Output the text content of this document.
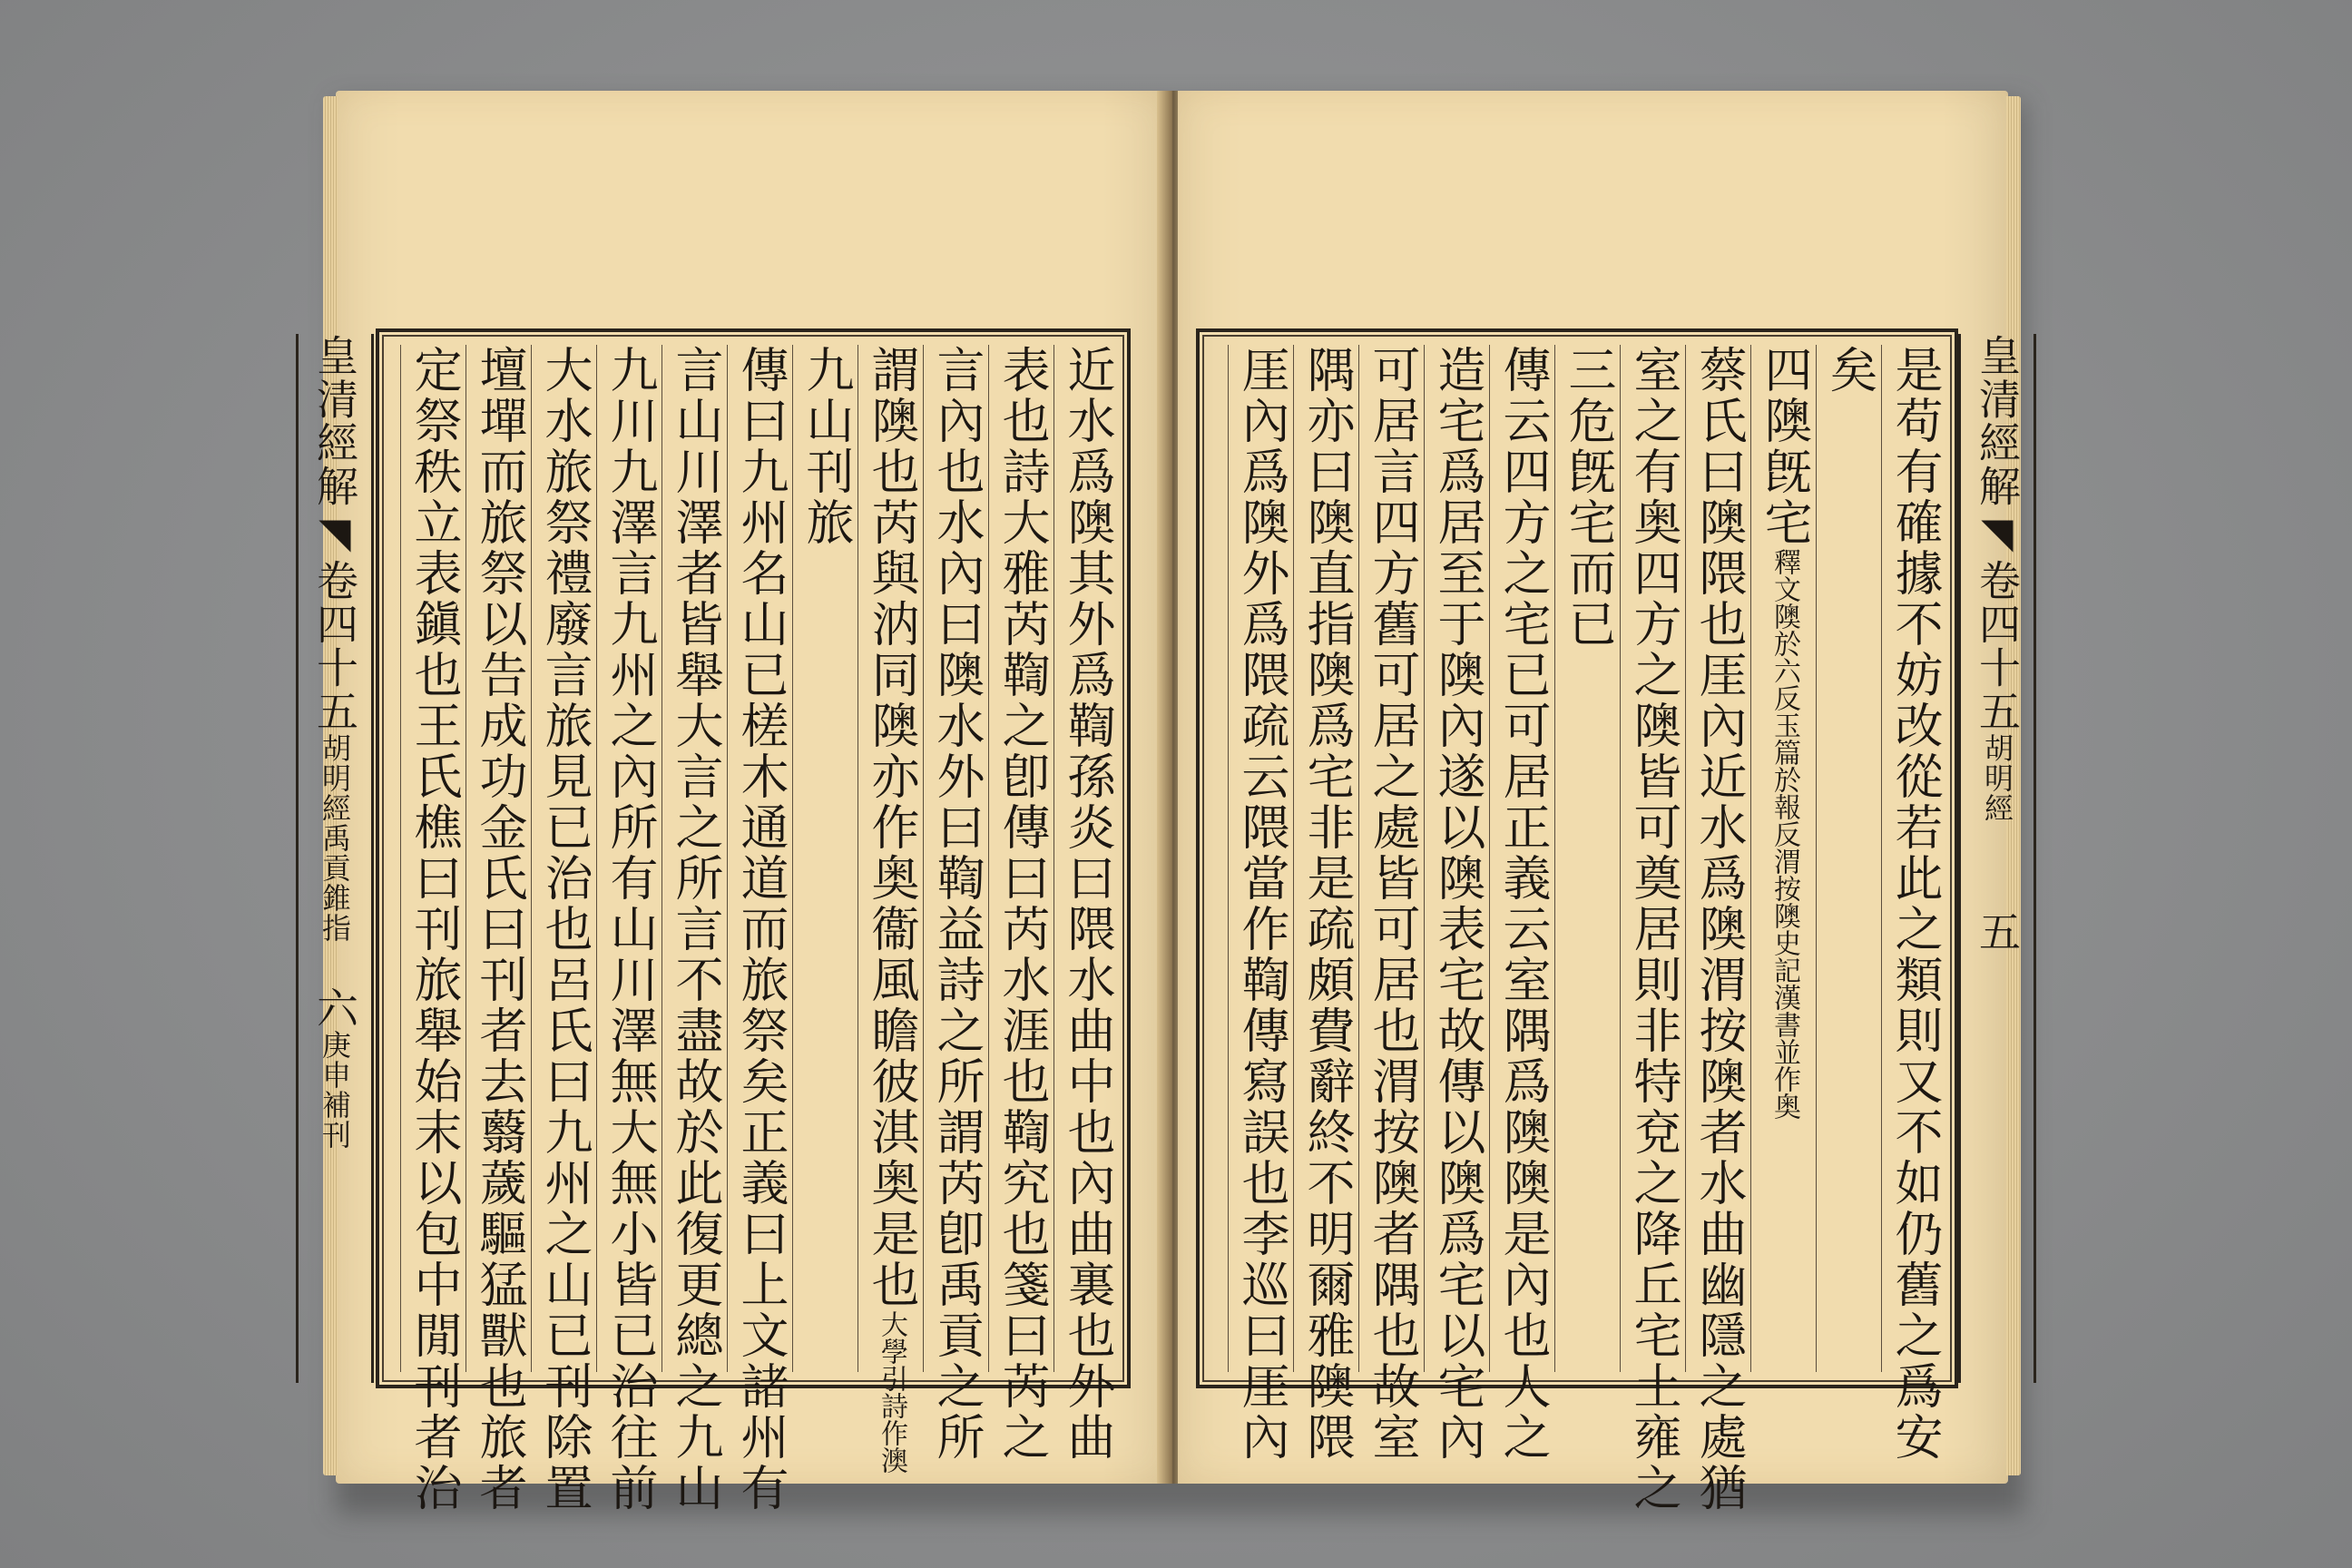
皇清經解◥卷四十五胡明經禹貢錐指　六庚申補刊	近水爲隩其外爲鞫孫炎曰隈水曲中也內曲裏也外曲
表也詩大雅芮鞫之卽傳曰芮水涯也鞫究也箋曰芮之
言內也水內曰隩水外曰鞫益詩之所謂芮卽禹貢之所
謂隩也芮與汭同隩亦作奥衞風瞻彼淇奥是也大學引詩作澳
九山刊旅
傳曰九州名山已槎木通道而旅祭矣正義曰上文諸州有
言山川澤者皆舉大言之所言不盡故於此復更總之九山
九川九澤言九州之內所有山川澤無大無小皆已治往前
大水旅祭禮廢言旅見已治也呂氏曰九州之山已刊除置
壇墠而旅祭以告成功金氏曰刊者去蘙薉驅猛獸也旅者
定祭秩立表鎭也王氏樵曰刊旅舉始末以包中閒刊者治
　　　　　　　　　　　　　	皇清經解◥卷四十五胡明經　　五
是苟有確據不妨改從若此之類則又不如仍舊之爲安
矣
四隩旣宅釋文隩於六反玉篇於報反渭按隩史記漢書並作奥
蔡氏曰隩隈也厓內近水爲隩渭按隩者水曲幽隱之處猶
室之有奥四方之隩皆可奠居則非特兗之降丘宅土雍之
三危旣宅而已
傳云四方之宅已可居正義云室隅爲隩隩是內也人之
造宅爲居至于隩內遂以隩表宅故傳以隩爲宅以宅內
可居言四方舊可居之處皆可居也渭按隩者隅也故室
隅亦曰隩直指隩爲宅非是疏頗費辭終不明爾雅隩隈
厓內爲隩外爲隈疏云隈當作鞫傳寫誤也李巡曰厓內
